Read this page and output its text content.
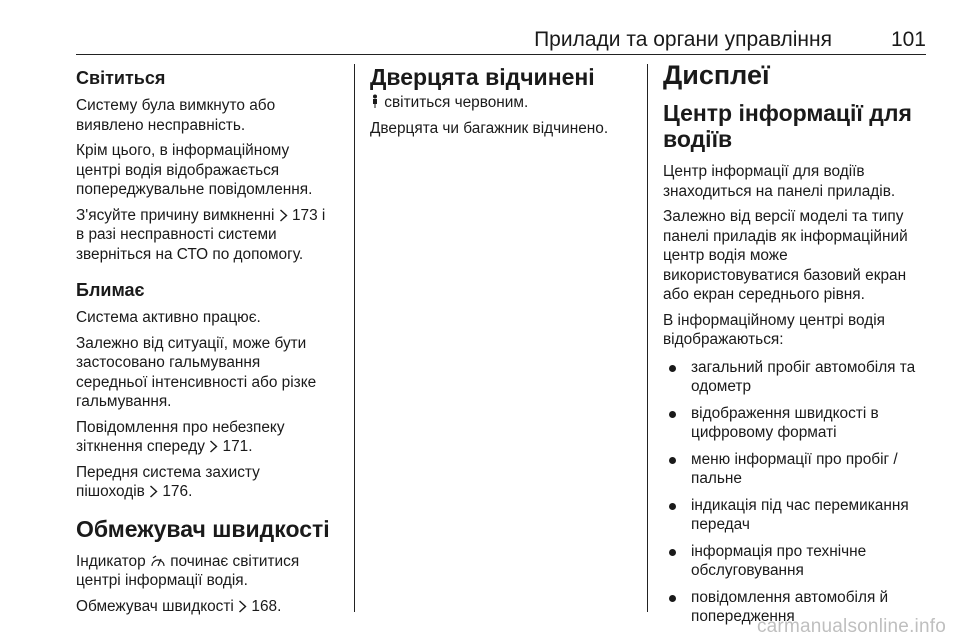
Прилади та органи управління	101
Світиться
Систему була вимкнуто або
виявлено несправність.
Крім цього, в інформаційному
центрі водія відображається
попереджувальне повідомлення.
З'ясуйте причину вимкненні  173 і
в разі несправності системи
зверніться на СТО по допомогу.
Блимає
Система активно працює.
Залежно від ситуації, може бути
застосовано гальмування
середньої інтенсивності або різке
гальмування.
Повідомлення про небезпеку
зіткнення спереду  171.
Передня система захисту
пішоходів  176.
Обмежувач швидкості
Індикатор  починає світитися
центрі інформації водія.
Обмежувач швидкості  168.
Дверцята відчинені
світиться червоним.
Дверцята чи багажник відчинено.
Дисплеї
Центр інформації для
водіїв
Центр інформації для водіїв
знаходиться на панелі приладів.
Залежно від версії моделі та типу
панелі приладів як інформаційний
центр водія може
використовуватися базовий екран
або екран середнього рівня.
В інформаційному центрі водія
відображаються:
загальний пробіг автомобіля та
одометр
відображення швидкості в
цифровому форматі
меню інформації про пробіг /
пальне
індикація під час перемикання
передач
інформація про технічне
обслуговування
повідомлення автомобіля й
попередження
carmanualsonline.info
